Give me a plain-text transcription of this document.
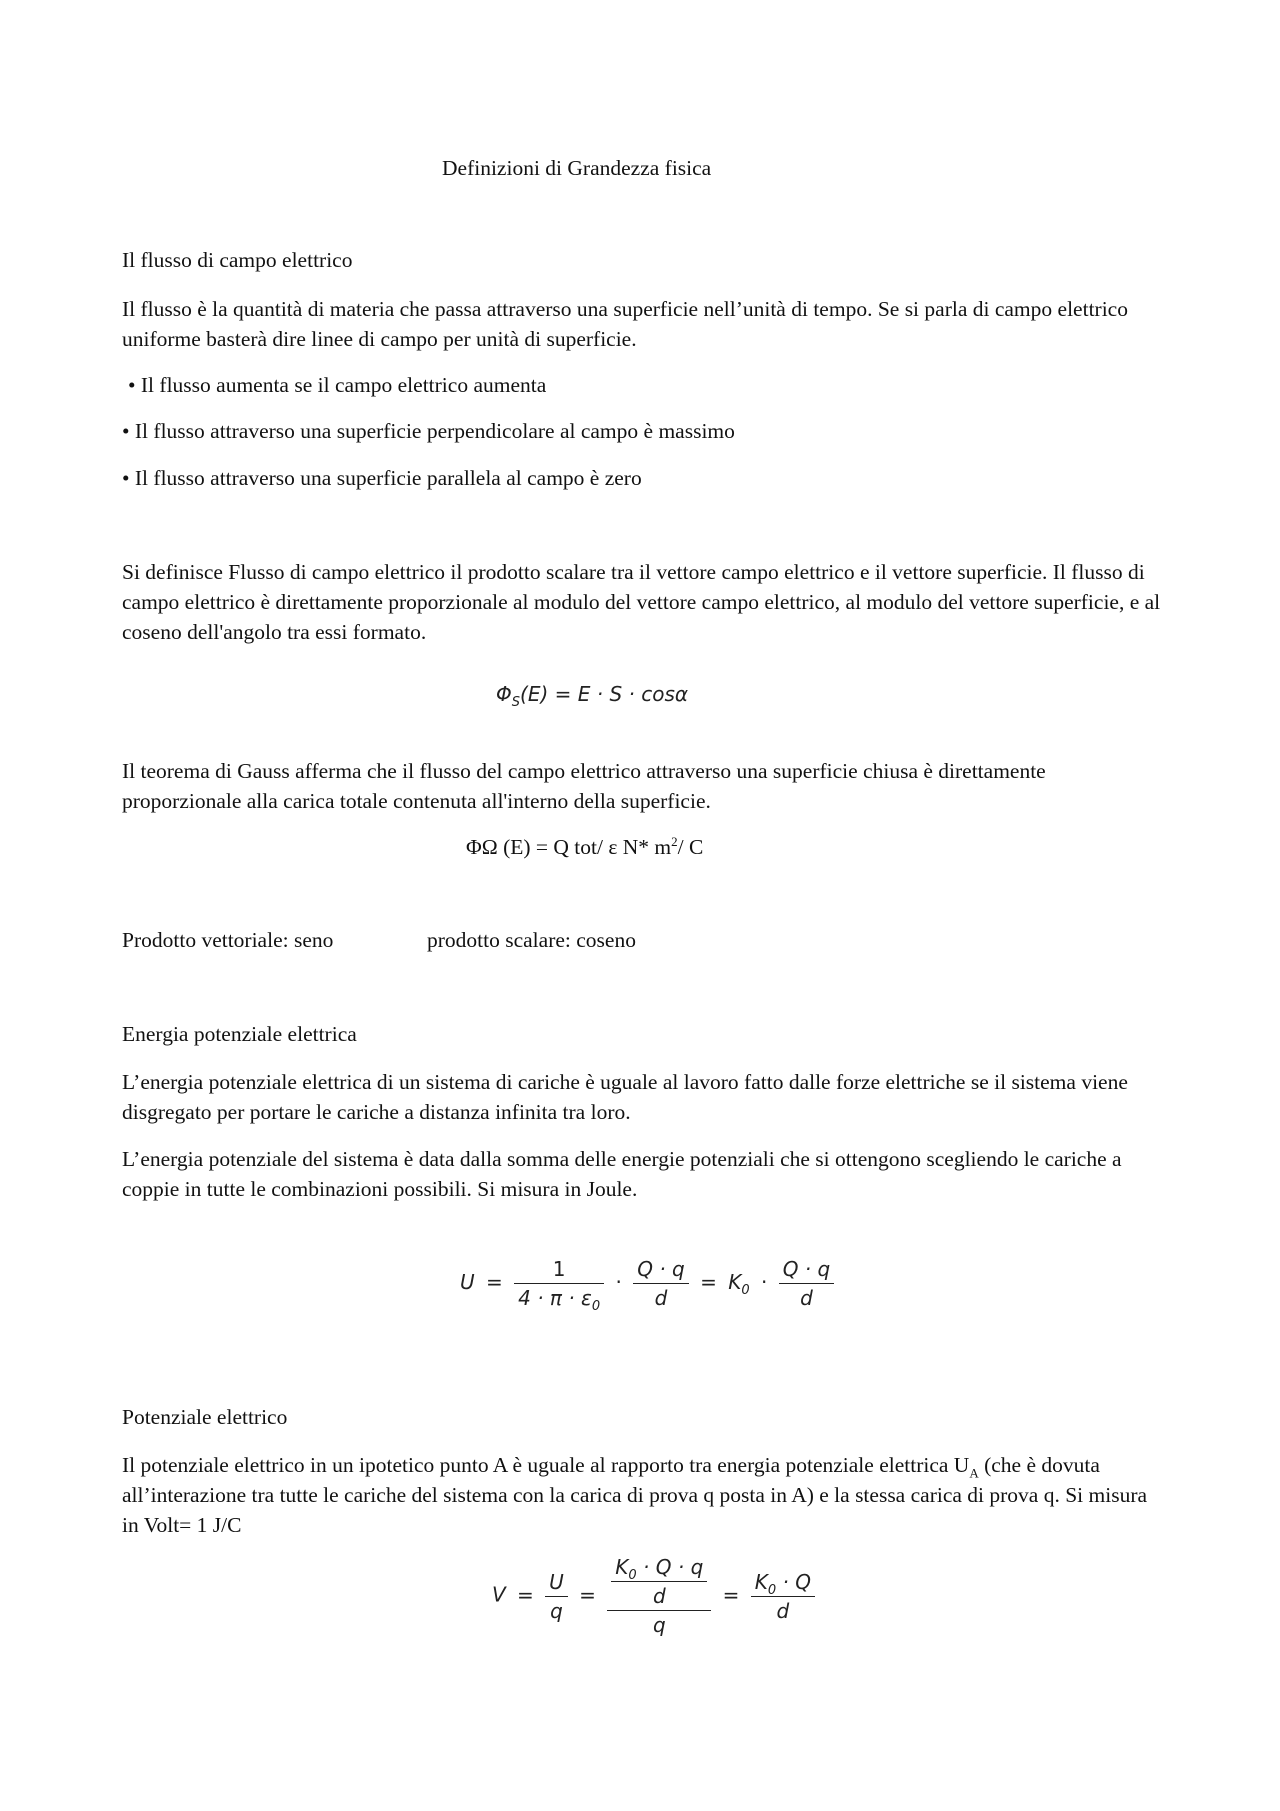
Definizioni di Grandezza fisica

Il flusso di campo elettrico

Il flusso è la quantità di materia che passa attraverso una superficie nell’unità di tempo. Se si parla di campo elettrico uniforme basterà dire linee di campo per unità di superficie.

• Il flusso aumenta se il campo elettrico aumenta

• Il flusso attraverso una superficie perpendicolare al campo è massimo

• Il flusso attraverso una superficie parallela al campo è zero

Si definisce Flusso di campo elettrico il prodotto scalare tra il vettore campo elettrico e il vettore superficie. Il flusso di campo elettrico è direttamente proporzionale al modulo del vettore campo elettrico, al modulo del vettore superficie, e al coseno dell'angolo tra essi formato.

$\Phi_S(E) = E \cdot S \cdot \cos\alpha$

Il teorema di Gauss afferma che il flusso del campo elettrico attraverso una superficie chiusa è direttamente proporzionale alla carica totale contenuta all'interno della superficie.

ΦΩ (E) = Q tot/ ε N* $m^2/$ C

Prodotto vettoriale: seno	prodotto scalare: coseno

Energia potenziale elettrica

L’energia potenziale elettrica di un sistema di cariche è uguale al lavoro fatto dalle forze elettriche se il sistema viene disgregato per portare le cariche a distanza infinita tra loro.

L’energia potenziale del sistema è data dalla somma delle energie potenziali che si ottengono scegliendo le cariche a coppie in tutte le combinazioni possibili. Si misura in Joule.

$U = \frac{1}{4 \cdot \pi \cdot \varepsilon_0} \cdot \frac{Q \cdot q}{d} = K_0 \cdot \frac{Q \cdot q}{d}$

Potenziale elettrico

Il potenziale elettrico in un ipotetico punto A è uguale al rapporto tra energia potenziale elettrica $U_A$ (che è dovuta all’interazione tra tutte le cariche del sistema con la carica di prova q posta in A) e la stessa carica di prova q. Si misura in Volt= 1 J/C

$V = \frac{U}{q} = \frac{\frac{K_0 \cdot Q \cdot q}{d}}{q} = \frac{K_0 \cdot Q}{d}$
